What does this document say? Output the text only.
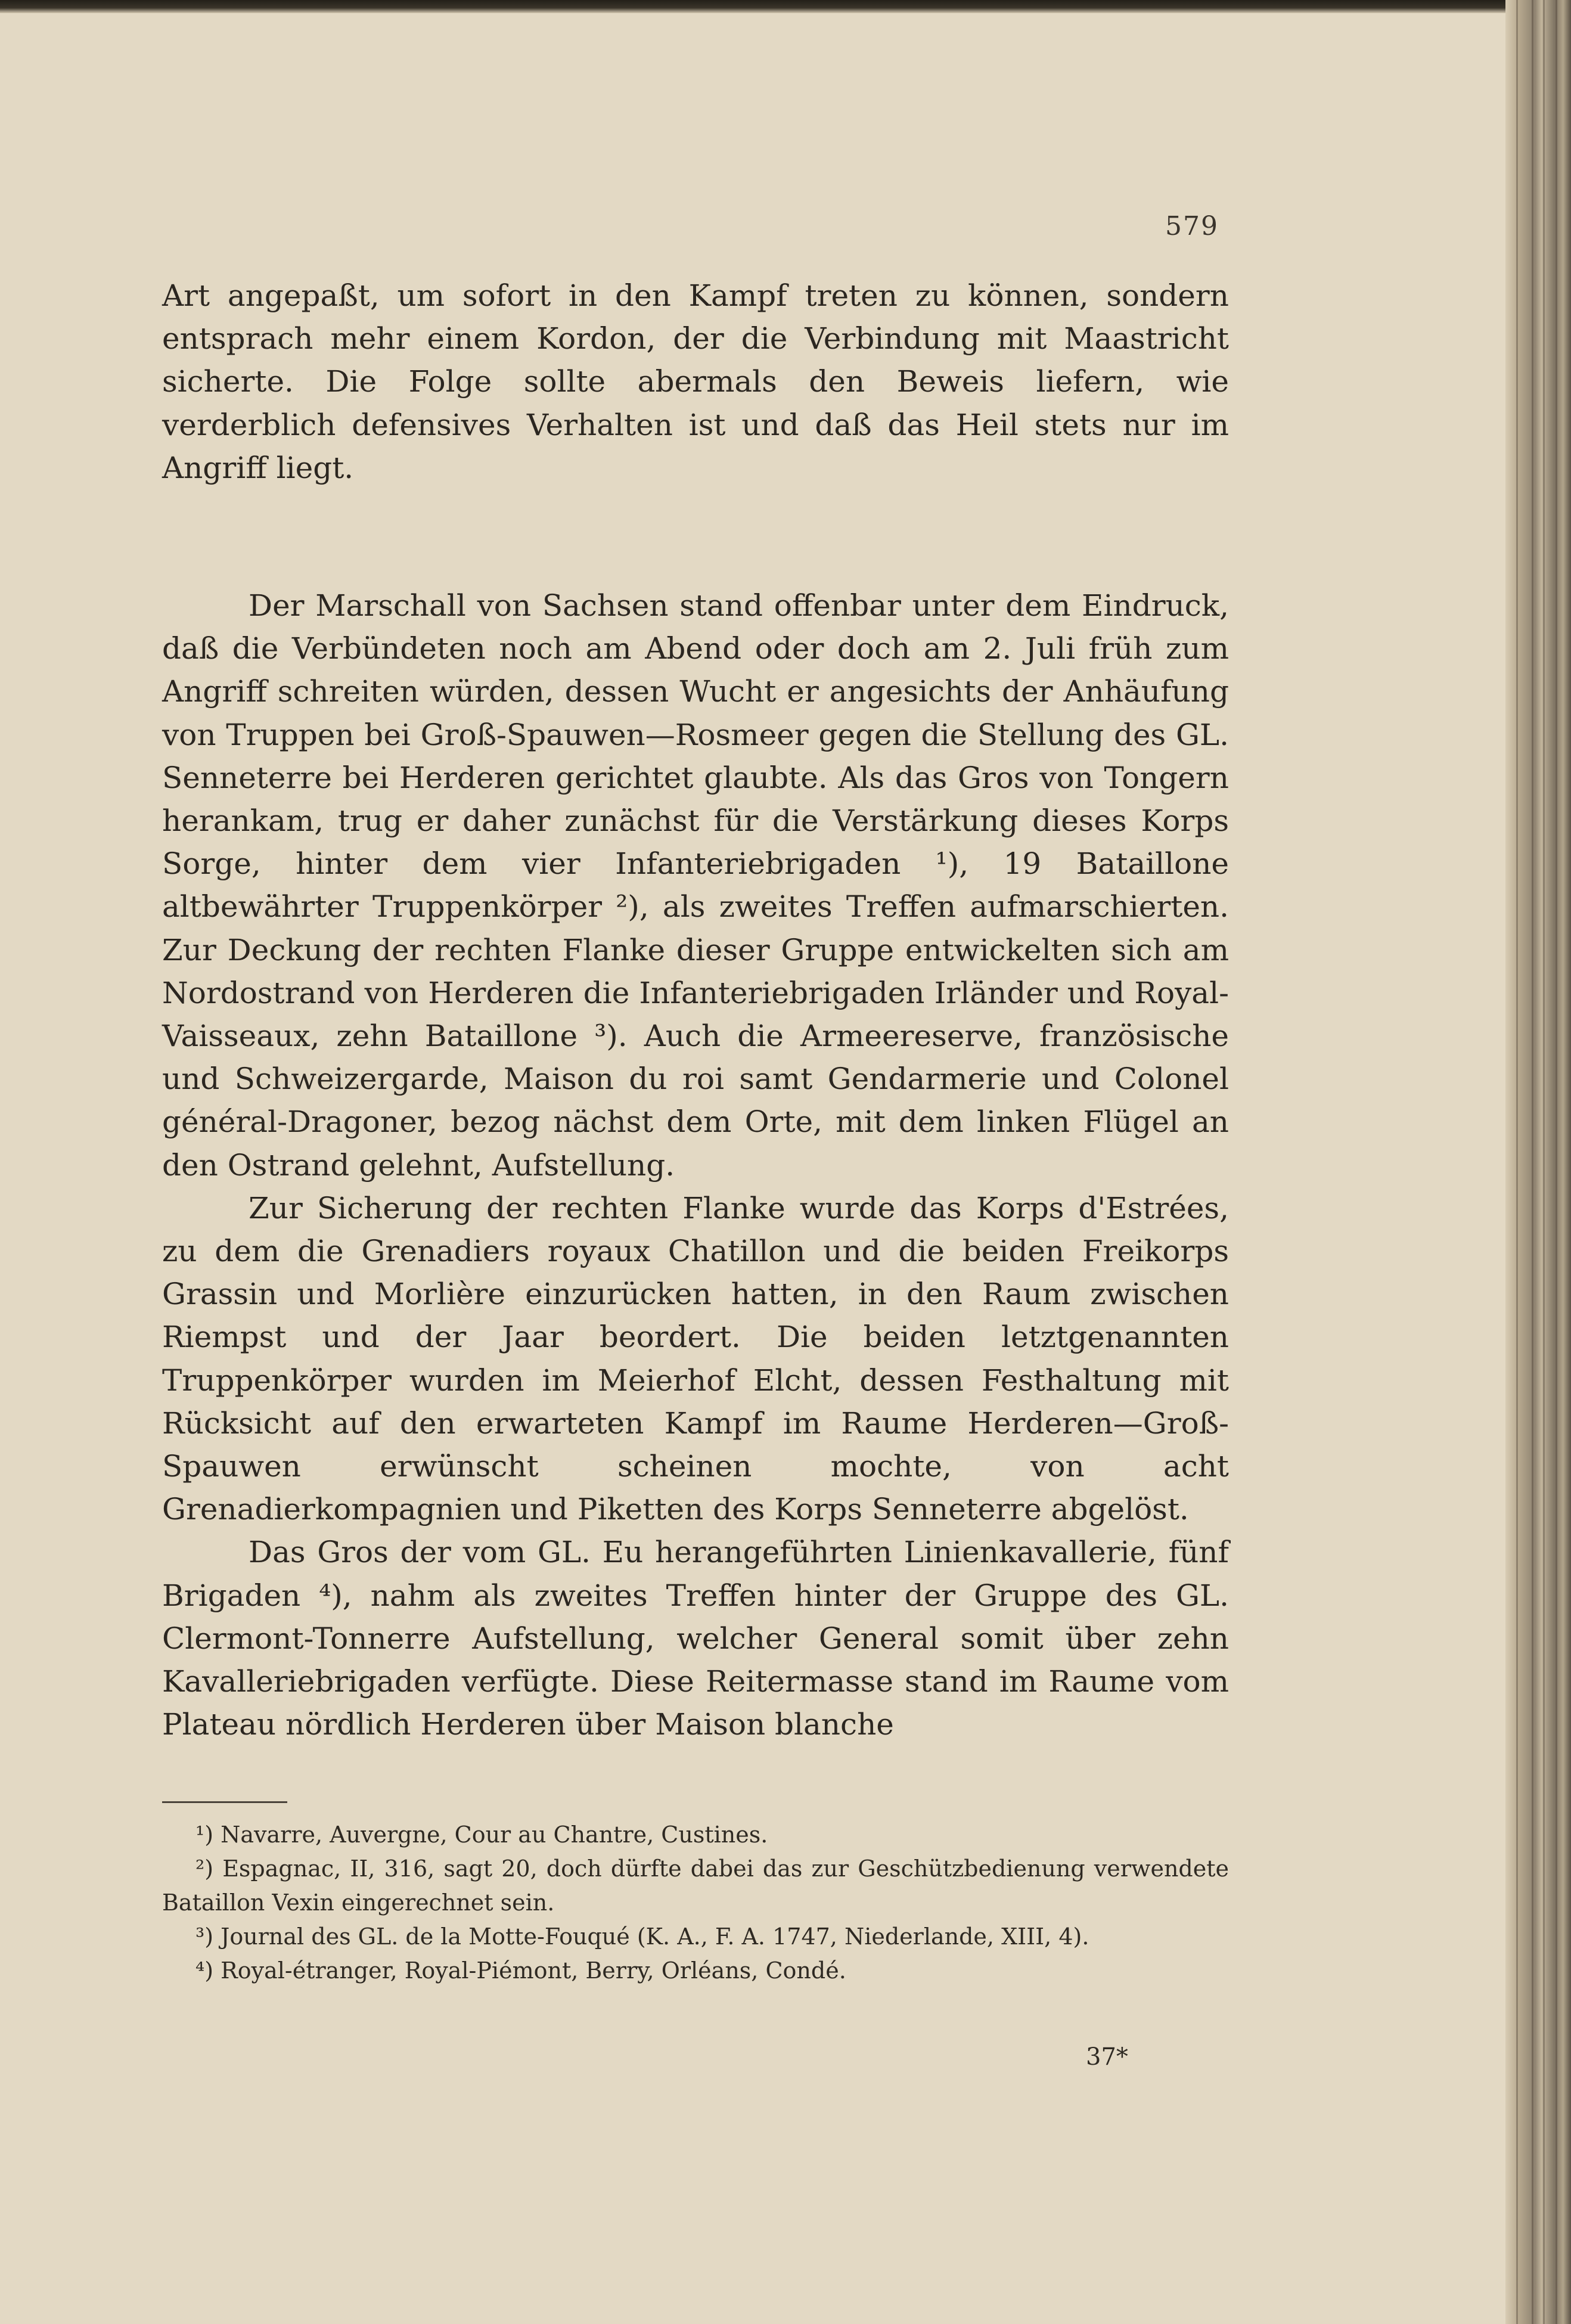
579

Art angepaßt, um sofort in den Kampf treten zu können, sondern entsprach mehr einem Kordon, der die Verbindung mit Maastricht sicherte. Die Folge sollte abermals den Beweis liefern, wie verderblich defensives Verhalten ist und daß das Heil stets nur im Angriff liegt.

Der Marschall von Sachsen stand offenbar unter dem Eindruck, daß die Verbündeten noch am Abend oder doch am 2. Juli früh zum Angriff schreiten würden, dessen Wucht er angesichts der Anhäufung von Truppen bei Groß-Spauwen—Rosmeer gegen die Stellung des GL. Senneterre bei Herderen gerichtet glaubte. Als das Gros von Tongern herankam, trug er daher zunächst für die Verstärkung dieses Korps Sorge, hinter dem vier Infanteriebrigaden ¹), 19 Bataillone altbewährter Truppenkörper ²), als zweites Treffen aufmarschierten. Zur Deckung der rechten Flanke dieser Gruppe entwickelten sich am Nordostrand von Herderen die Infanteriebrigaden Irländer und Royal-Vaisseaux, zehn Bataillone ³). Auch die Armeereserve, französische und Schweizergarde, Maison du roi samt Gendarmerie und Colonel général-Dragoner, bezog nächst dem Orte, mit dem linken Flügel an den Ostrand gelehnt, Aufstellung.

Zur Sicherung der rechten Flanke wurde das Korps d'Estrées, zu dem die Grenadiers royaux Chatillon und die beiden Freikorps Grassin und Morlière einzurücken hatten, in den Raum zwischen Riempst und der Jaar beordert. Die beiden letztgenannten Truppenkörper wurden im Meierhof Elcht, dessen Festhaltung mit Rücksicht auf den erwarteten Kampf im Raume Herderen—Groß-Spauwen erwünscht scheinen mochte, von acht Grenadierkompagnien und Piketten des Korps Senneterre abgelöst.

Das Gros der vom GL. Eu herangeführten Linienkavallerie, fünf Brigaden ⁴), nahm als zweites Treffen hinter der Gruppe des GL. Clermont-Tonnerre Aufstellung, welcher General somit über zehn Kavalleriebrigaden verfügte. Diese Reitermasse stand im Raume vom Plateau nördlich Herderen über Maison blanche

¹) Navarre, Auvergne, Cour au Chantre, Custines.

²) Espagnac, II, 316, sagt 20, doch dürfte dabei das zur Geschützbedienung verwendete Bataillon Vexin eingerechnet sein.

³) Journal des GL. de la Motte-Fouqué (K. A., F. A. 1747, Niederlande, XIII, 4).

⁴) Royal-étranger, Royal-Piémont, Berry, Orléans, Condé.

37*
